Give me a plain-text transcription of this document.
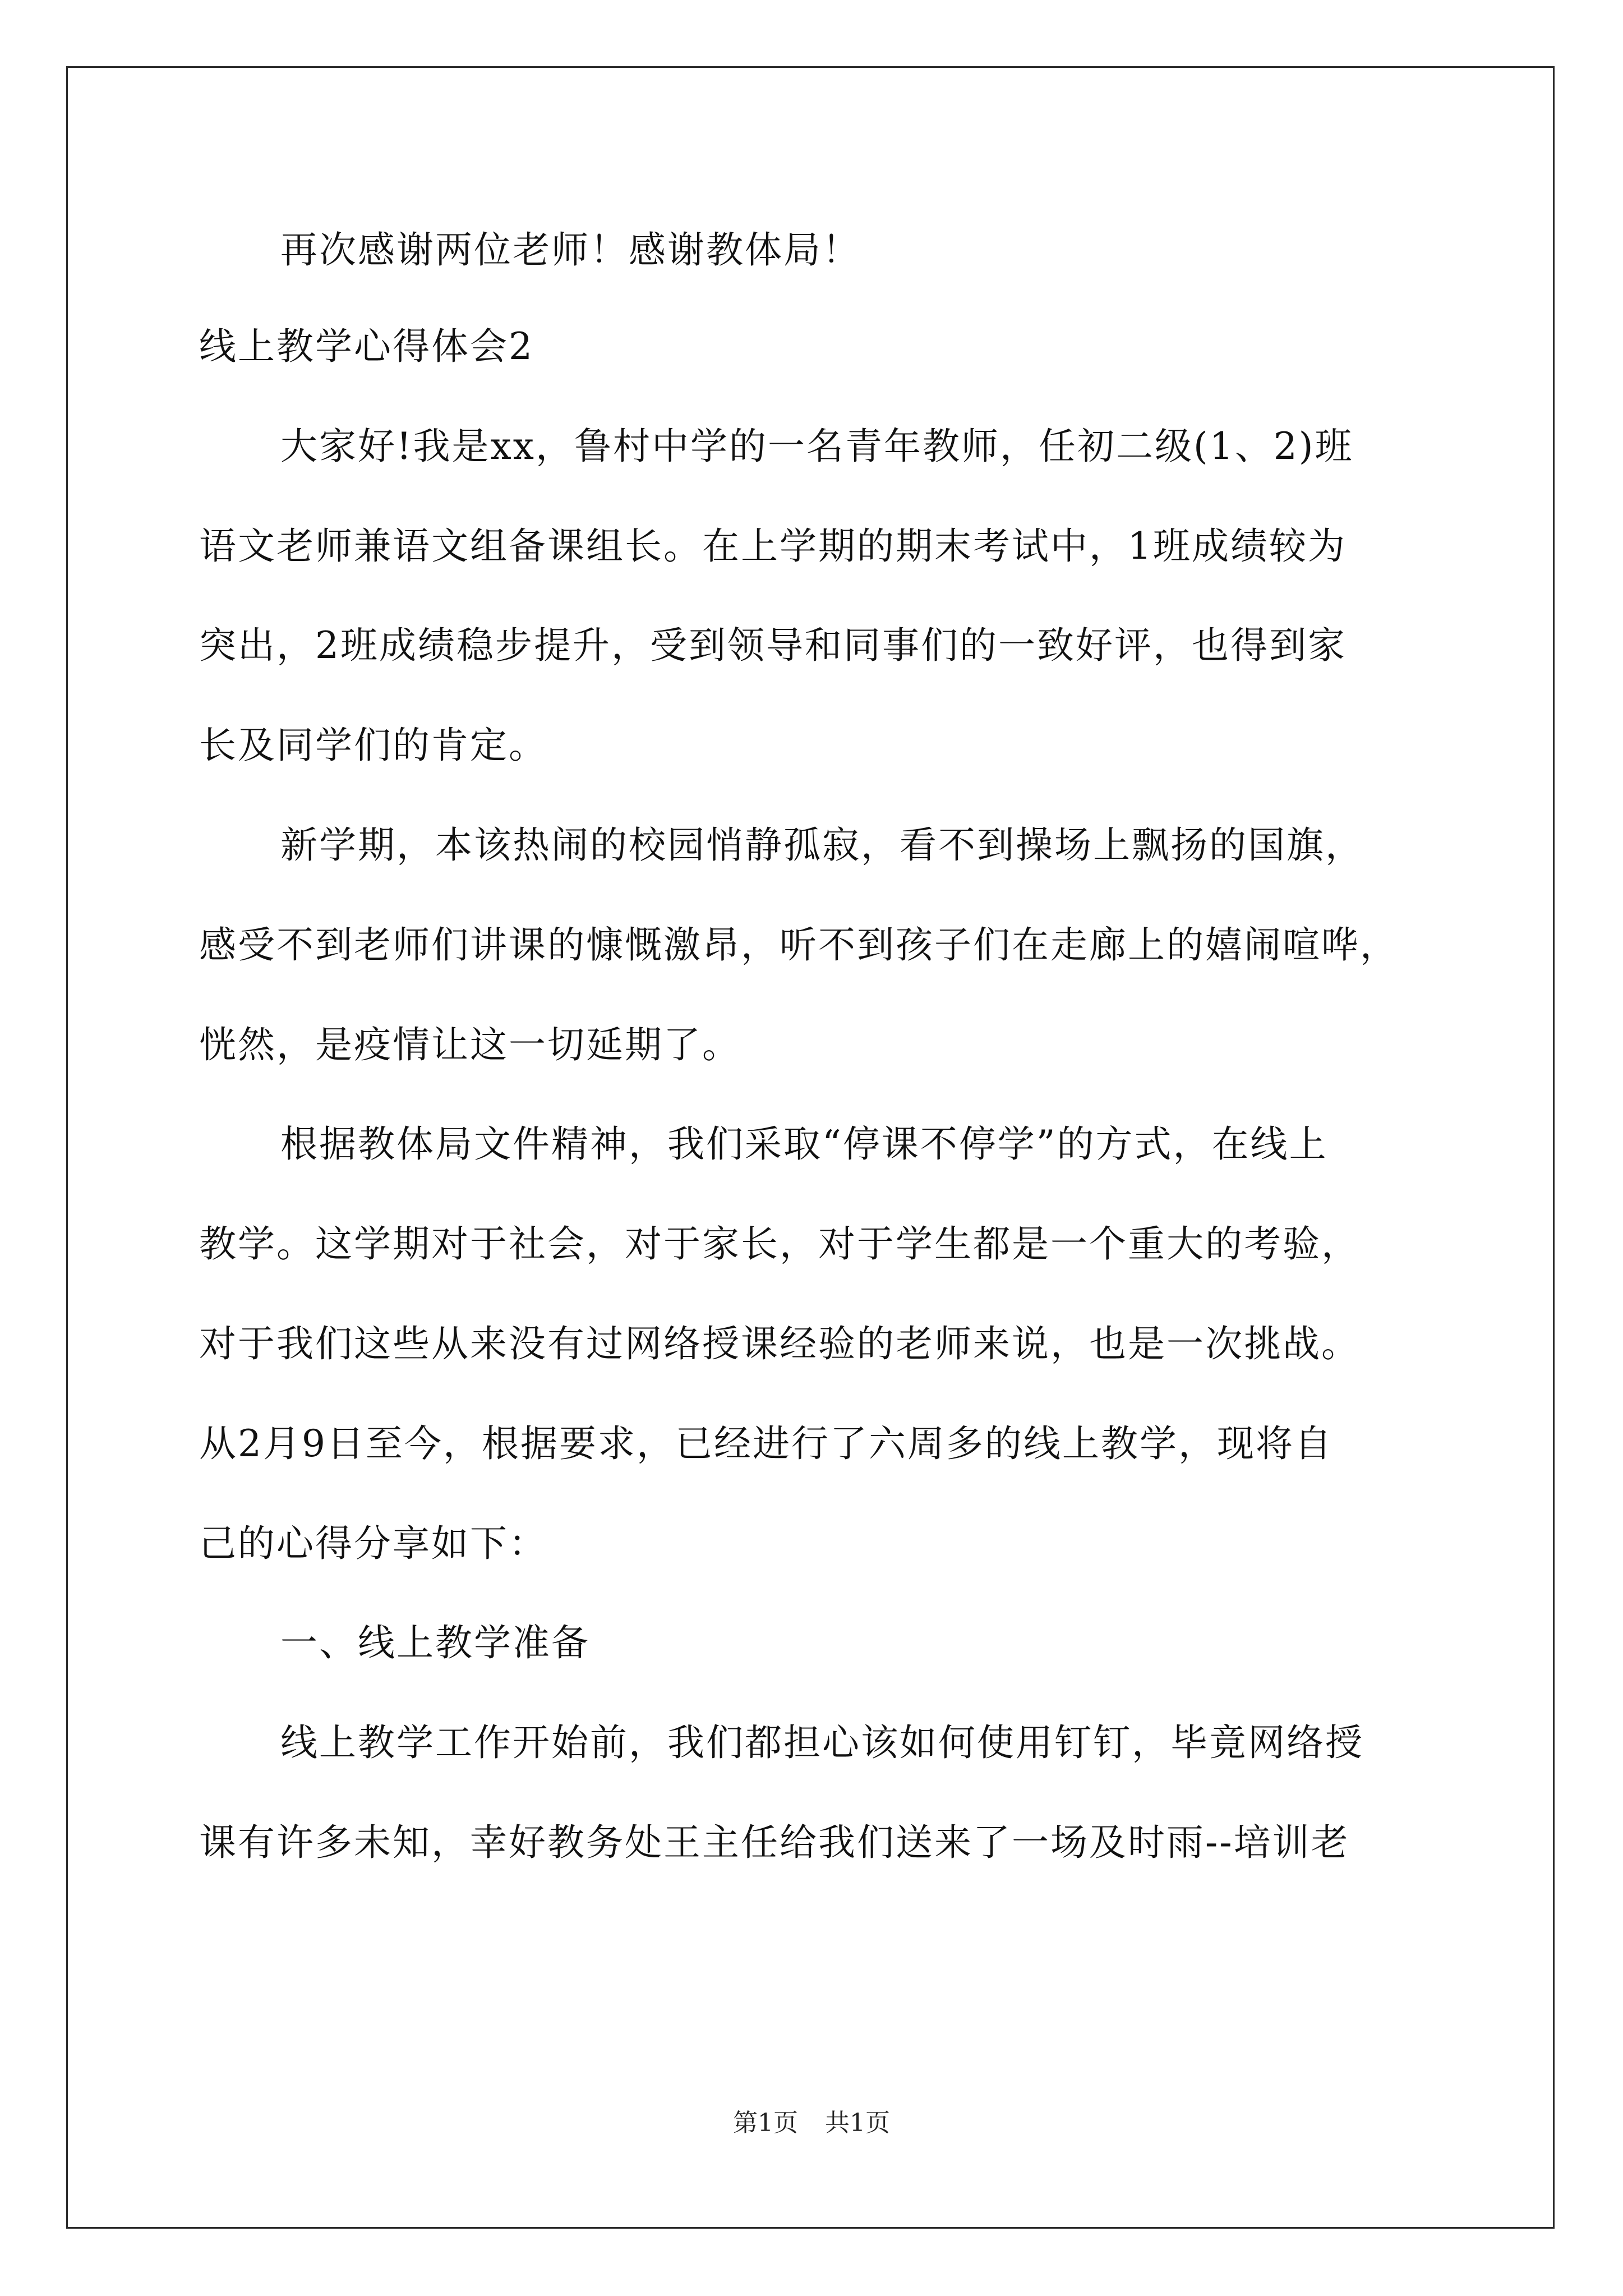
再次感谢两位老师！感谢教体局！
线上教学心得体会2
大家好!我是xx，鲁村中学的一名青年教师，任初二级(1、2)班
语文老师兼语文组备课组长。在上学期的期末考试中，1班成绩较为
突出，2班成绩稳步提升，受到领导和同事们的一致好评，也得到家
长及同学们的肯定。
新学期，本该热闹的校园悄静孤寂，看不到操场上飘扬的国旗，
感受不到老师们讲课的慷慨激昂，听不到孩子们在走廊上的嬉闹喧哗，
恍然，是疫情让这一切延期了。
根据教体局文件精神，我们采取“停课不停学”的方式，在线上
教学。这学期对于社会，对于家长，对于学生都是一个重大的考验，
对于我们这些从来没有过网络授课经验的老师来说，也是一次挑战。
从2月9日至今，根据要求，已经进行了六周多的线上教学，现将自
己的心得分享如下：
一、线上教学准备
线上教学工作开始前，我们都担心该如何使用钉钉，毕竟网络授
课有许多未知，幸好教务处王主任给我们送来了一场及时雨--培训老
第1页 共1页
